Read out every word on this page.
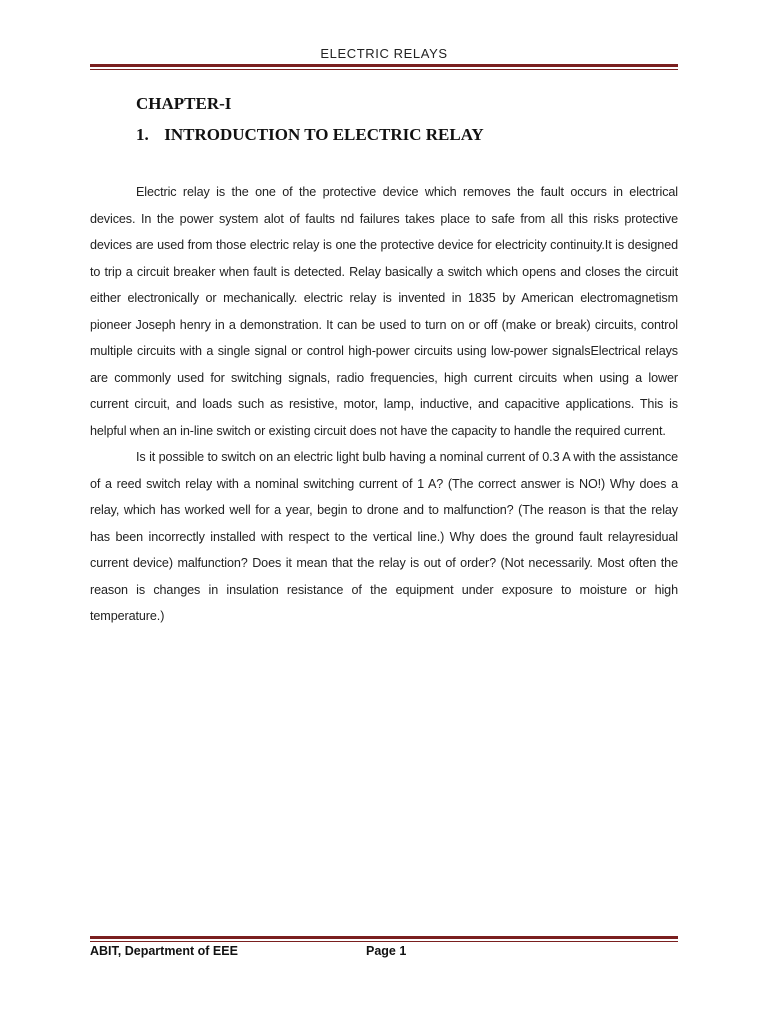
ELECTRIC RELAYS
CHAPTER-I
1. INTRODUCTION TO ELECTRIC RELAY

Electric relay is the one of the protective device which removes the fault occurs in electrical devices. In the power system alot of faults nd failures takes place to safe from all this risks protective devices are used from those electric relay is one the protective device for electricity continuity.It is designed to trip a circuit breaker when fault is detected. Relay basically a switch which opens and closes the circuit either electronically or mechanically. electric relay is invented in 1835 by American electromagnetism pioneer Joseph henry in a demonstration. It can be used to turn on or off (make or break) circuits, control multiple circuits with a single signal or control high-power circuits using low-power signalsElectrical relays are commonly used for switching signals, radio frequencies, high current circuits when using a lower current circuit, and loads such as resistive, motor, lamp, inductive, and capacitive applications. This is helpful when an in-line switch or existing circuit does not have the capacity to handle the required current.

Is it possible to switch on an electric light bulb having a nominal current of 0.3 A with the assistance of a reed switch relay with a nominal switching current of 1 A? (The correct answer is NO!) Why does a relay, which has worked well for a year, begin to drone and to malfunction? (The reason is that the relay has been incorrectly installed with respect to the vertical line.) Why does the ground fault relayresidual current device) malfunction? Does it mean that the relay is out of order? (Not necessarily. Most often the reason is changes in insulation resistance of the equipment under exposure to moisture or high temperature.)

ABIT, Department of EEE	Page 1
